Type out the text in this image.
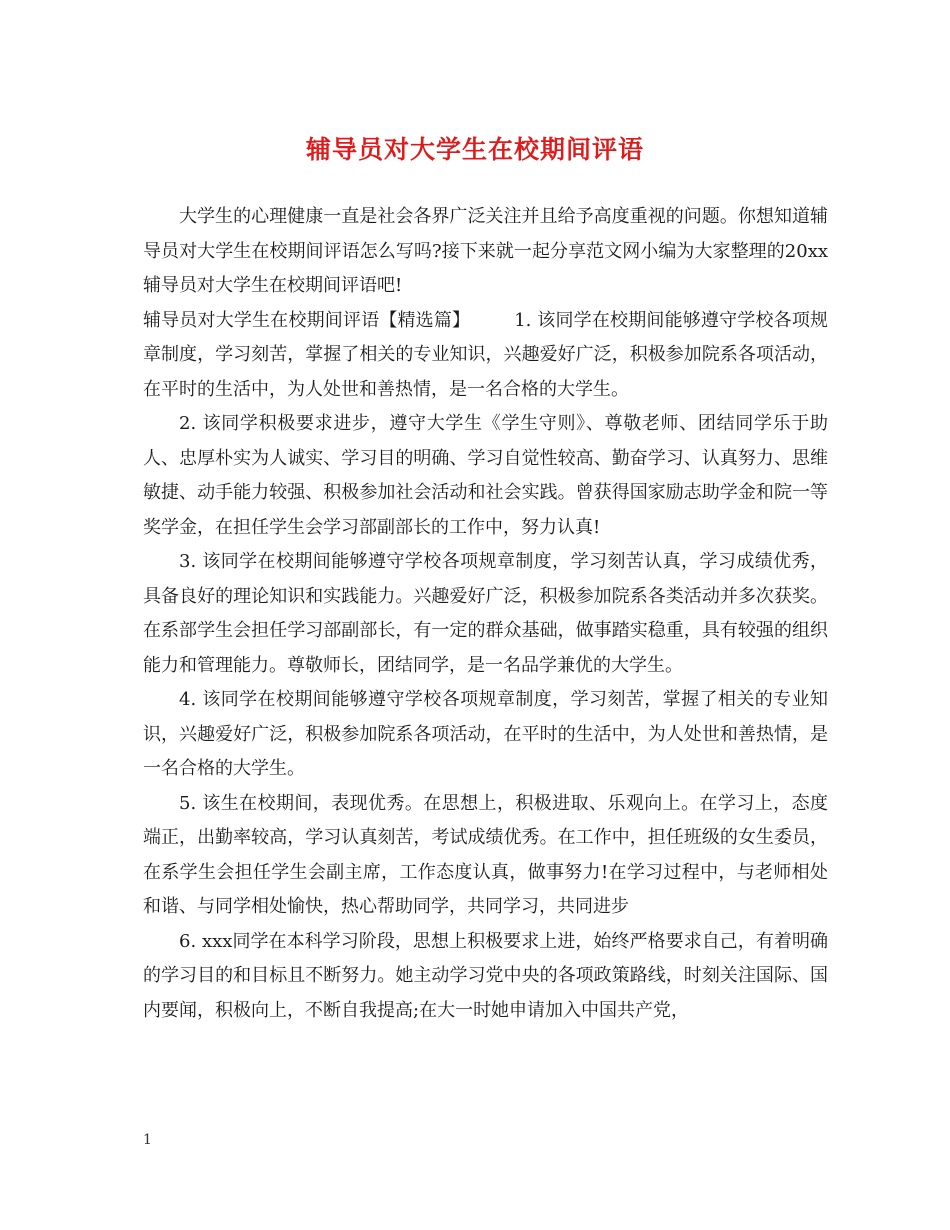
辅导员对大学生在校期间评语

大学生的心理健康一直是社会各界广泛关注并且给予高度重视的问题。你想知道辅导员对大学生在校期间评语怎么写吗?接下来就一起分享范文网小编为大家整理的20xx辅导员对大学生在校期间评语吧!

辅导员对大学生在校期间评语【精选篇】 1. 该同学在校期间能够遵守学校各项规章制度，学习刻苦，掌握了相关的专业知识，兴趣爱好广泛，积极参加院系各项活动，在平时的生活中，为人处世和善热情，是一名合格的大学生。

2. 该同学积极要求进步，遵守大学生《学生守则》、尊敬老师、团结同学乐于助人、忠厚朴实为人诚实、学习目的明确、学习自觉性较高、勤奋学习、认真努力、思维敏捷、动手能力较强、积极参加社会活动和社会实践。曾获得国家励志助学金和院一等奖学金，在担任学生会学习部副部长的工作中，努力认真!

3. 该同学在校期间能够遵守学校各项规章制度，学习刻苦认真，学习成绩优秀，具备良好的理论知识和实践能力。兴趣爱好广泛，积极参加院系各类活动并多次获奖。在系部学生会担任学习部副部长，有一定的群众基础，做事踏实稳重，具有较强的组织能力和管理能力。尊敬师长，团结同学，是一名品学兼优的大学生。

4. 该同学在校期间能够遵守学校各项规章制度，学习刻苦，掌握了相关的专业知识，兴趣爱好广泛，积极参加院系各项活动，在平时的生活中，为人处世和善热情，是一名合格的大学生。

5. 该生在校期间，表现优秀。在思想上，积极进取、乐观向上。在学习上，态度端正，出勤率较高，学习认真刻苦，考试成绩优秀。在工作中，担任班级的女生委员，在系学生会担任学生会副主席，工作态度认真，做事努力!在学习过程中，与老师相处和谐、与同学相处愉快，热心帮助同学，共同学习，共同进步

6. xxx同学在本科学习阶段，思想上积极要求上进，始终严格要求自己，有着明确的学习目的和目标且不断努力。她主动学习党中央的各项政策路线，时刻关注国际、国内要闻，积极向上，不断自我提高;在大一时她申请加入中国共产党，

1
